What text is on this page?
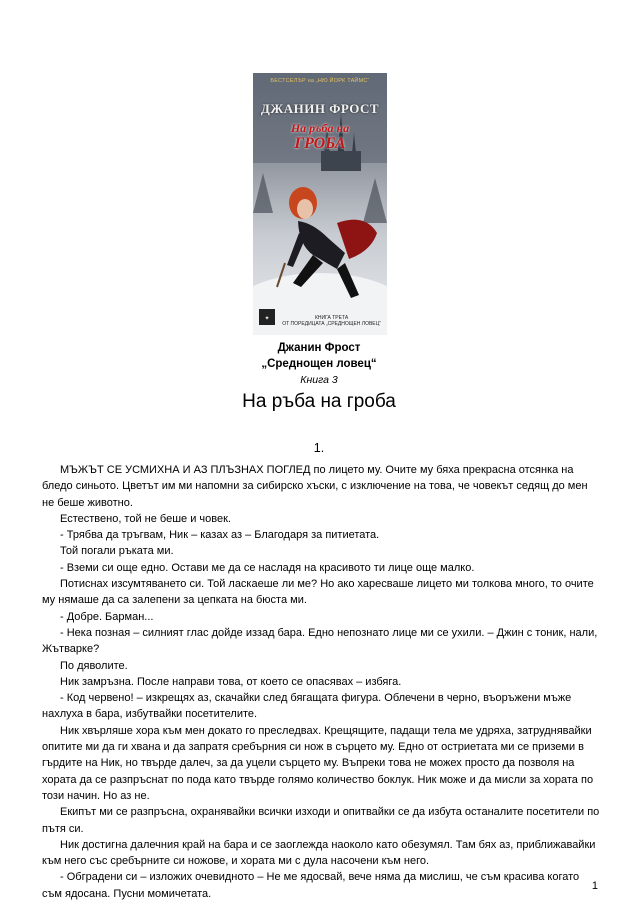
✦
БЕСТСЕЛЪР на „НЮ ЙОРК ТАЙМС“
ДЖАНИН ФРОСТ
На ръба на
ГРОБА
КНИГА ТРЕТА
ОТ ПОРЕДИЦАТА „СРЕДНОЩЕН ЛОВЕЦ“
Джанин Фрост
„Среднощен ловец“
Книга 3
На ръба на гроба
1.

МЪЖЪТ СЕ УСМИХНА И АЗ ПЛЪЗНАХ ПОГЛЕД по лицето му. Очите му бяха прекрасна отсянка на бледо синьото. Цветът им ми напомни за сибирско хъски, с изключение на това, че човекът седящ до мен не беше животно.

Естествено, той не беше и човек.

- Трябва да тръгвам, Ник – казах аз – Благодаря за питиетата.

Той погали ръката ми.

- Вземи си още едно. Остави ме да се насладя на красивото ти лице още малко.

Потиснах изсумтяването си. Той ласкаеше ли ме? Но ако харесваше лицето ми толкова много, то очите му нямаше да са залепени за цепката на бюста ми.

- Добре. Барман...

- Нека позная – силният глас дойде иззад бара. Едно непознато лице ми се ухили. – Джин с тоник, нали, Жътварке?

По дяволите.

Ник замръзна. После направи това, от което се опасявах – избяга.

- Код червено! – изкрещях аз, скачайки след бягащата фигура. Облечени в черно, въоръжени мъже нахлуха в бара, избутвайки посетителите.

Ник хвърляше хора към мен докато го преследвах. Крещящите, падащи тела ме удряха, затруднявайки опитите ми да ги хвана и да запратя сребърния си нож в сърцето му. Едно от остриетата ми се приземи в гърдите на Ник, но твърде далеч, за да уцели сърцето му. Въпреки това не можех просто да позволя на хората да се разпръснат по пода като твърде голямо количество боклук. Ник може и да мисли за хората по този начин. Но аз не.

Екипът ми се разпръсна, охранявайки всички изходи и опитвайки се да избута останалите посетители по пътя си.

Ник достигна далечния край на бара и се заоглежда наоколо като обезумял. Там бях аз, приближавайки към него със сребърните си ножове, и хората ми с дула насочени към него.

- Обградени си – изложих очевидното – Не ме ядосвай, вече няма да мислиш, че съм красива когато съм ядосана. Пусни момичетата.

1
